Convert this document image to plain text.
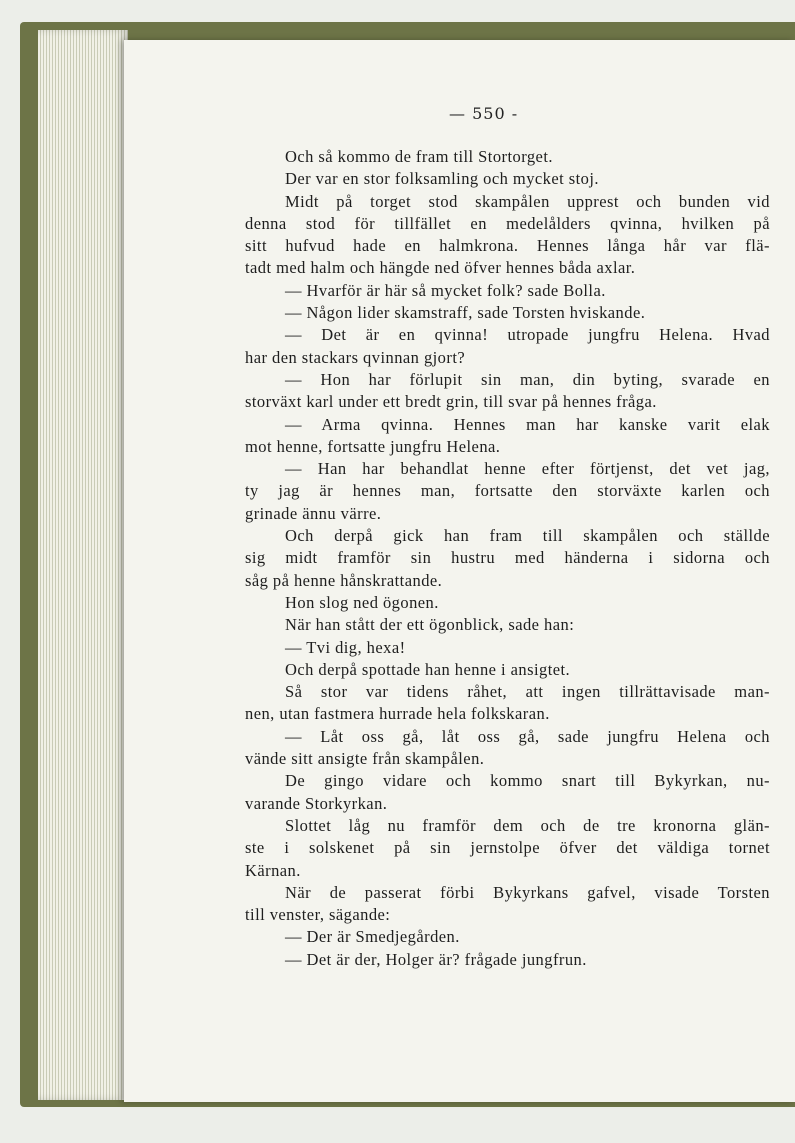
— 550 -
Och så kommo de fram till Stortorget.
Der var en stor folksamling och mycket stoj.
Midt på torget stod skampålen upprest och bunden vid
denna stod för tillfället en medelålders qvinna, hvilken på
sitt hufvud hade en halmkrona. Hennes långa hår var flä-
tadt med halm och hängde ned öfver hennes båda axlar.
— Hvarför är här så mycket folk? sade Bolla.
— Någon lider skamstraff, sade Torsten hviskande.
— Det är en qvinna! utropade jungfru Helena. Hvad
har den stackars qvinnan gjort?
— Hon har förlupit sin man, din byting, svarade en
storväxt karl under ett bredt grin, till svar på hennes fråga.
— Arma qvinna. Hennes man har kanske varit elak
mot henne, fortsatte jungfru Helena.
— Han har behandlat henne efter förtjenst, det vet jag,
ty jag är hennes man, fortsatte den storväxte karlen och
grinade ännu värre.
Och derpå gick han fram till skampålen och ställde
sig midt framför sin hustru med händerna i sidorna och
såg på henne hånskrattande.
Hon slog ned ögonen.
När han stått der ett ögonblick, sade han:
— Tvi dig, hexa!
Och derpå spottade han henne i ansigtet.
Så stor var tidens råhet, att ingen tillrättavisade man-
nen, utan fastmera hurrade hela folkskaran.
— Låt oss gå, låt oss gå, sade jungfru Helena och
vände sitt ansigte från skampålen.
De gingo vidare och kommo snart till Bykyrkan, nu-
varande Storkyrkan.
Slottet låg nu framför dem och de tre kronorna glän-
ste i solskenet på sin jernstolpe öfver det väldiga tornet
Kärnan.
När de passerat förbi Bykyrkans gafvel, visade Torsten
till venster, sägande:
— Der är Smedjegården.
— Det är der, Holger är? frågade jungfrun.
